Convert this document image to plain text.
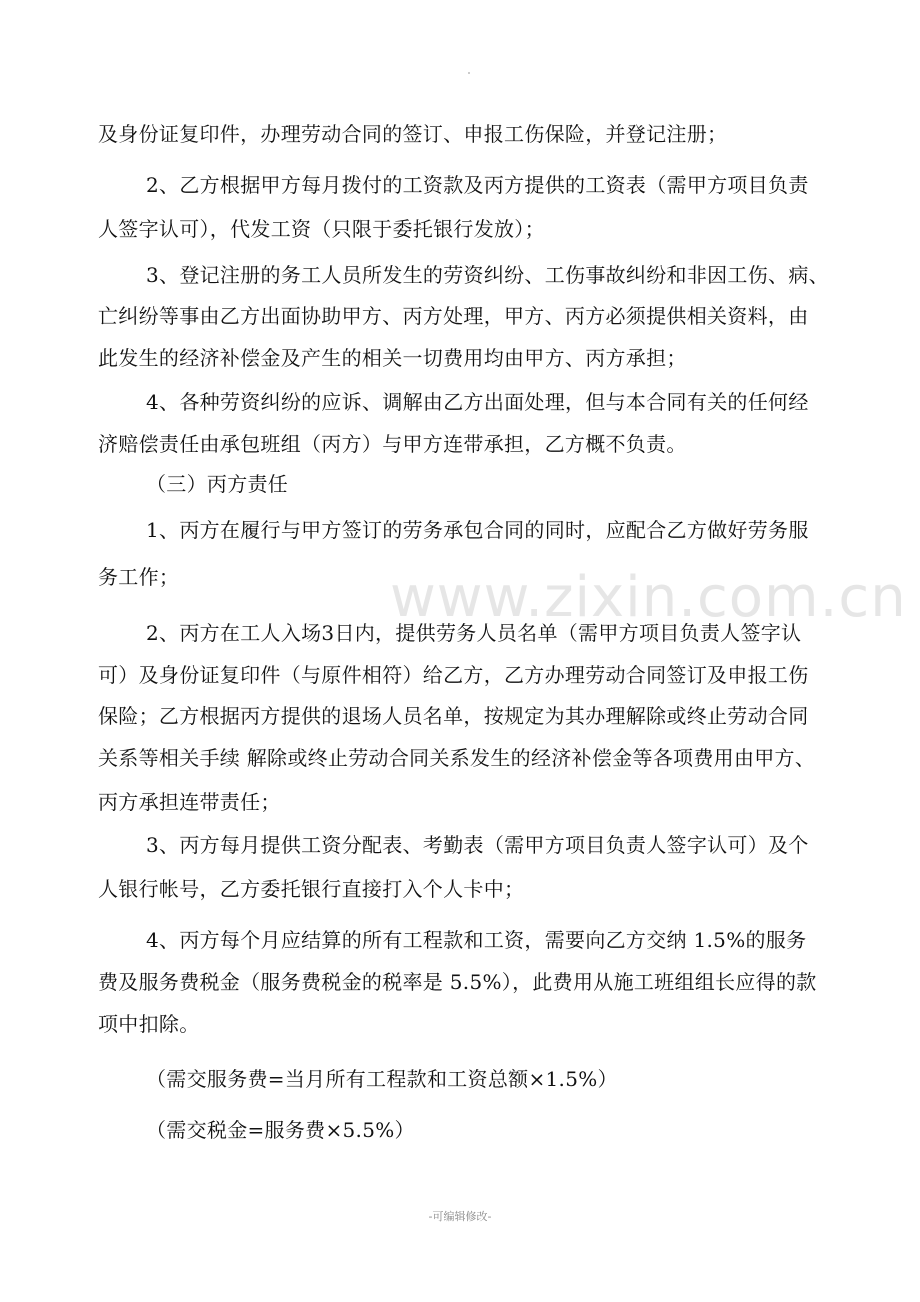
www.zixin.com.cn
及身份证复印件，办理劳动合同的签订、申报工伤保险，并登记注册；
2、乙方根据甲方每月拨付的工资款及丙方提供的工资表（需甲方项目负责
人签字认可），代发工资（只限于委托银行发放）；
3、登记注册的务工人员所发生的劳资纠纷、工伤事故纠纷和非因工伤、病、
亡纠纷等事由乙方出面协助甲方、丙方处理，甲方、丙方必须提供相关资料，由
此发生的经济补偿金及产生的相关一切费用均由甲方、丙方承担；
4、各种劳资纠纷的应诉、调解由乙方出面处理，但与本合同有关的任何经
济赔偿责任由承包班组（丙方）与甲方连带承担，乙方概不负责。
（三）丙方责任
1、丙方在履行与甲方签订的劳务承包合同的同时，应配合乙方做好劳务服
务工作；
2、丙方在工人入场3日内，提供劳务人员名单（需甲方项目负责人签字认
可）及身份证复印件（与原件相符）给乙方，乙方办理劳动合同签订及申报工伤
保险；乙方根据丙方提供的退场人员名单，按规定为其办理解除或终止劳动合同
关系等相关手续 解除或终止劳动合同关系发生的经济补偿金等各项费用由甲方、
丙方承担连带责任；
3、丙方每月提供工资分配表、考勤表（需甲方项目负责人签字认可）及个
人银行帐号，乙方委托银行直接打入个人卡中；
4、丙方每个月应结算的所有工程款和工资，需要向乙方交纳 1.5%的服务
费及服务费税金（服务费税金的税率是 5.5%），此费用从施工班组组长应得的款
项中扣除。
（需交服务费=当月所有工程款和工资总额×1.5%）
（需交税金=服务费×5.5%）
-可编辑修改-
